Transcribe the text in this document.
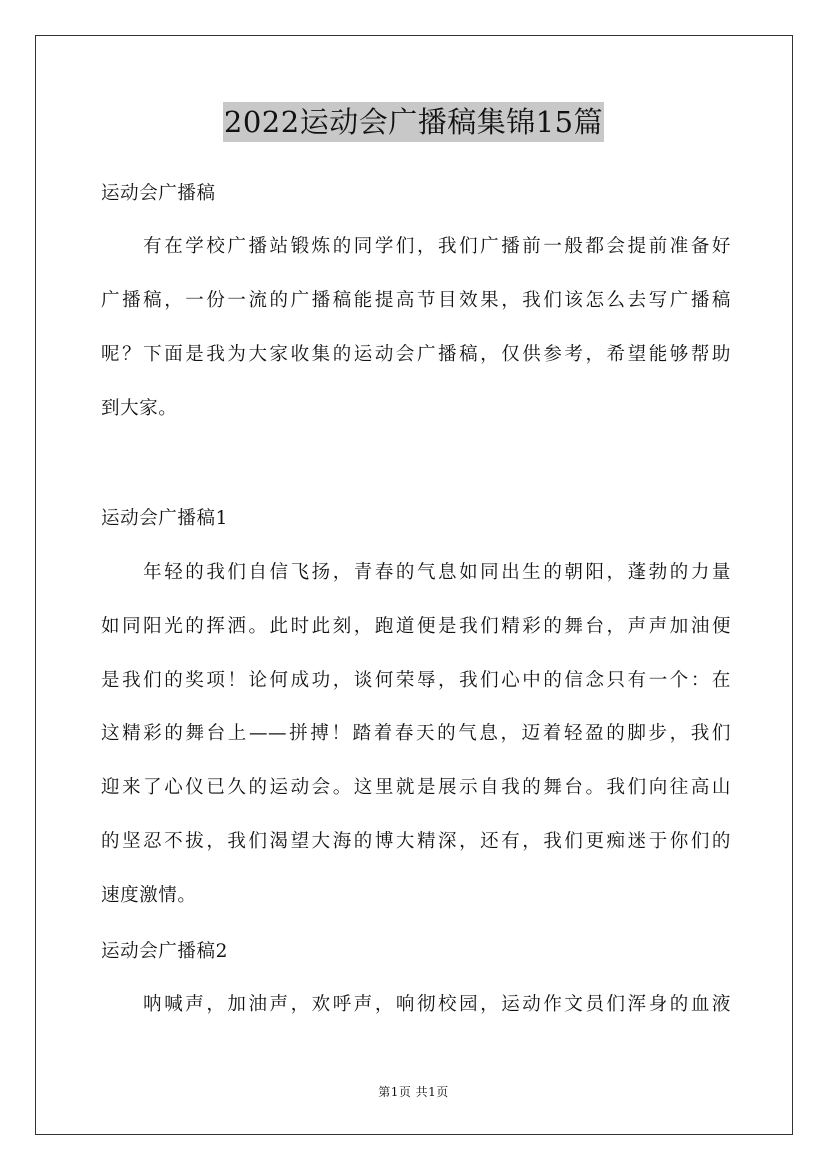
2022运动会广播稿集锦15篇
运动会广播稿
　　有在学校广播站锻炼的同学们，我们广播前一般都会提前准备好
广播稿，一份一流的广播稿能提高节目效果，我们该怎么去写广播稿
呢？下面是我为大家收集的运动会广播稿，仅供参考，希望能够帮助
到大家。
运动会广播稿1
　　年轻的我们自信飞扬，青春的气息如同出生的朝阳，蓬勃的力量
如同阳光的挥洒。此时此刻，跑道便是我们精彩的舞台，声声加油便
是我们的奖项！论何成功，谈何荣辱，我们心中的信念只有一个：在
这精彩的舞台上——拼搏！踏着春天的气息，迈着轻盈的脚步，我们
迎来了心仪已久的运动会。这里就是展示自我的舞台。我们向往高山
的坚忍不拔，我们渴望大海的博大精深，还有，我们更痴迷于你们的
速度激情。
运动会广播稿2
　　呐喊声，加油声，欢呼声，响彻校园，运动作文员们浑身的血液
第1页 共1页
